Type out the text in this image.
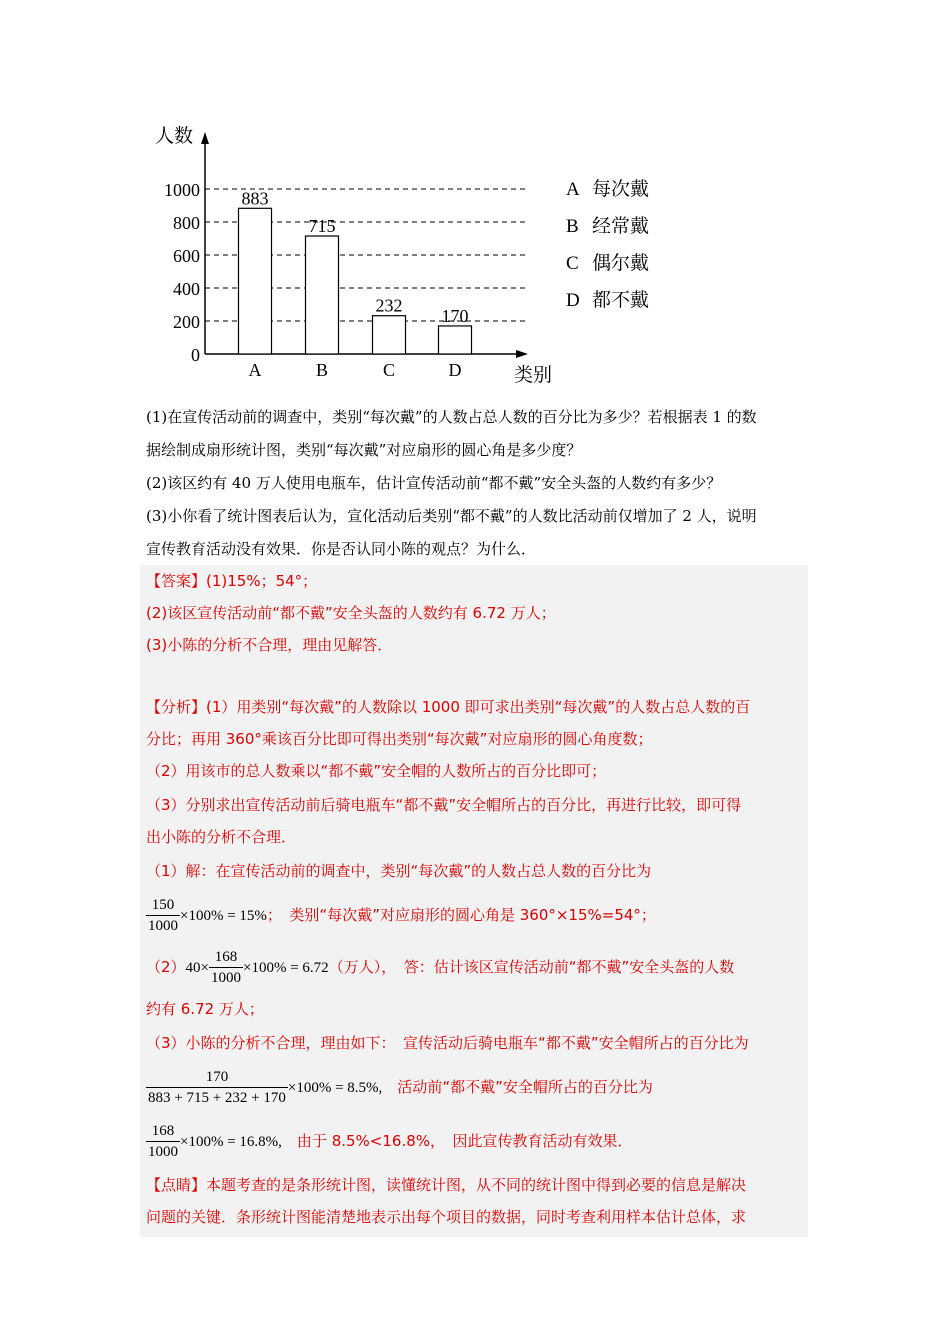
人数
类别
0
200
400
600
800
1000 883
A
715
B
232
C
170
D
A 每次戴
B 经常戴
C 偶尔戴
D 都不戴

(1)在宣传活动前的调查中，类别“每次戴”的人数占总人数的百分比为多少？若根据表 1 的数

据绘制成扇形统计图，类别“每次戴”对应扇形的圆心角是多少度？

(2)该区约有 40 万人使用电瓶车，估计宣传活动前“都不戴”安全头盔的人数约有多少？

(3)小你看了统计图表后认为，宣化活动后类别“都不戴”的人数比活动前仅增加了 2 人，说明

宣传教育活动没有效果．你是否认同小陈的观点？为什么．

【答案】(1)15%；54°；

(2)该区宣传活动前“都不戴”安全头盔的人数约有 6.72 万人；

(3)小陈的分析不合理，理由见解答．

【分析】(1）用类别“每次戴”的人数除以 1000 即可求出类别“每次戴”的人数占总人数的百

分比；再用 360°乘该百分比即可得出类别“每次戴”对应扇形的圆心角度数；

（2）用该市的总人数乘以“都不戴”安全帽的人数所占的百分比即可；

（3）分别求出宣传活动前后骑电瓶车“都不戴”安全帽所占的百分比，再进行比较，即可得

出小陈的分析不合理．

（1）解：在宣传活动前的调查中，类别“每次戴”的人数占总人数的百分比为

$\frac{150}{1000} \times 100\% = 15\%$；　类别“每次戴”对应扇形的圆心角是 360°×15%=54°；

$(2)40\times \frac{168}{1000} \times 100\% = 6.72$（万人），　答：估计该区宣传活动前“都不戴”安全头盔的人数

约有 6.72 万人；

（3）小陈的分析不合理，理由如下：　宣传活动后骑电瓶车“都不戴”安全帽所占的百分比为

$\frac{170}{883 + 715 + 232 + 170} \times 100\% = 8.5\%$,　活动前“都不戴”安全帽所占的百分比为

$\frac{168}{1000} \times 100\% = 16.8\%$,　由于 8.5%<16.8%，　因此宣传教育活动有效果．

【点睛】本题考查的是条形统计图，读懂统计图，从不同的统计图中得到必要的信息是解决

问题的关键．条形统计图能清楚地表示出每个项目的数据，同时考查利用样本估计总体，求
